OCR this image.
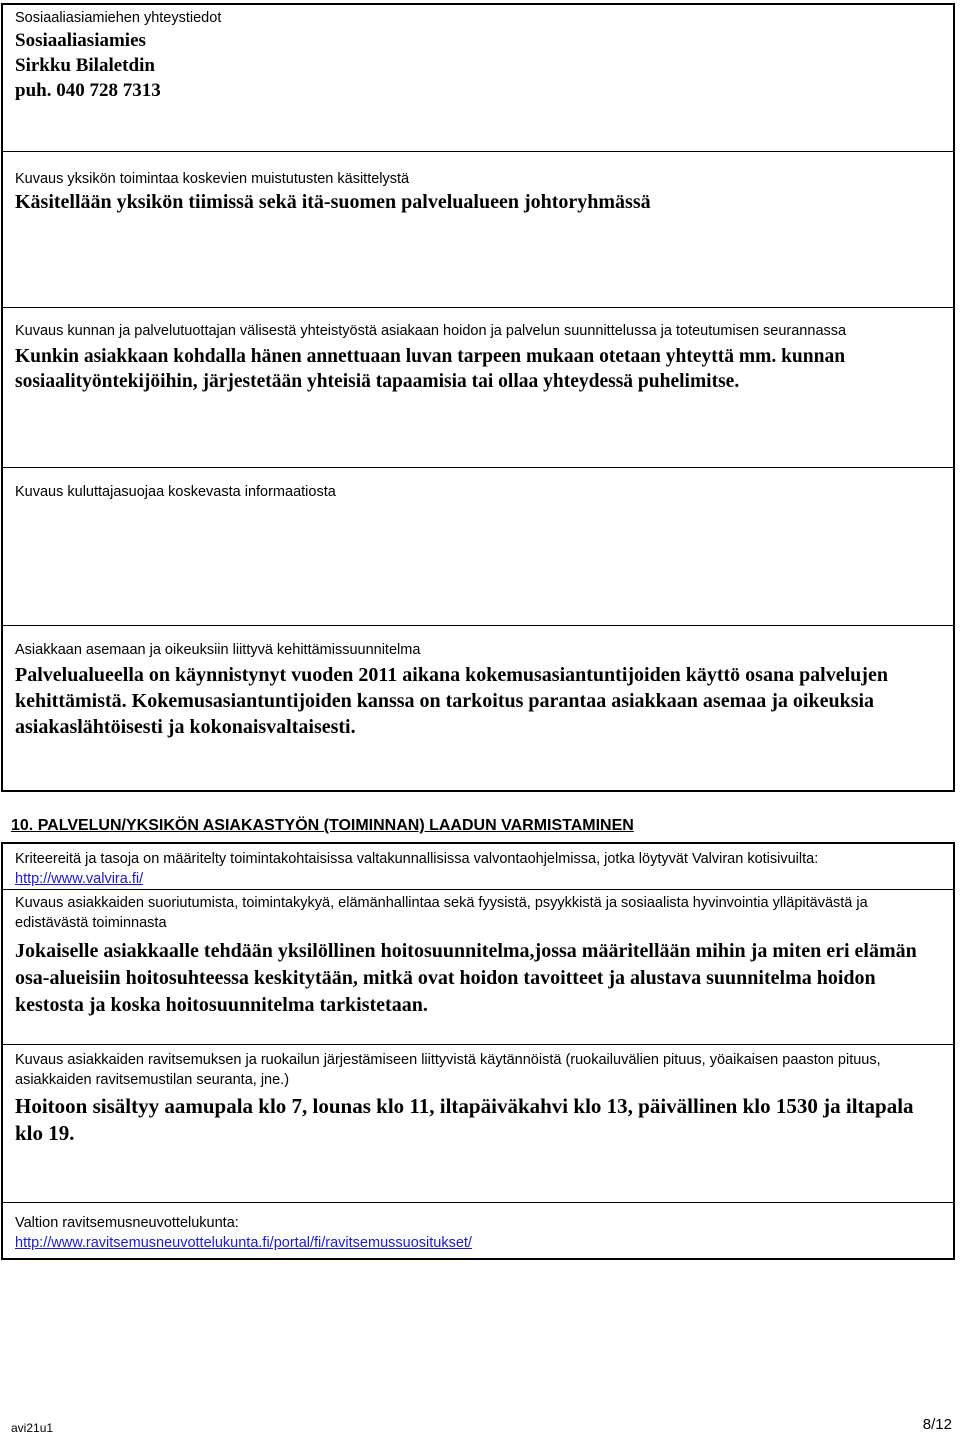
Sosiaaliasiamiehen yhteystiedot
Sosiaaliasiamies
Sirkku Bilaletdin
puh. 040 728 7313
Kuvaus yksikön toimintaa koskevien muistutusten käsittelystä
Käsitellään yksikön tiimissä sekä itä-suomen palvelualueen johtoryhmässä
Kuvaus kunnan ja palvelutuottajan välisestä yhteistyöstä asiakaan hoidon ja palvelun suunnittelussa ja toteutumisen seurannassa
Kunkin asiakkaan kohdalla hänen annettuaan luvan tarpeen mukaan otetaan yhteyttä mm. kunnan sosiaalityöntekijöihin, järjestetään yhteisiä tapaamisia tai ollaa yhteydessä puhelimitse.
Kuvaus kuluttajasuojaa koskevasta informaatiosta
Asiakkaan asemaan ja oikeuksiin liittyvä kehittämissuunnitelma
Palvelualueella on käynnistynyt vuoden 2011 aikana kokemusasiantuntijoiden käyttö osana palvelujen kehittämistä. Kokemusasiantuntijoiden kanssa on tarkoitus parantaa asiakkaan asemaa ja oikeuksia asiakaslähtöisesti ja kokonaisvaltaisesti.
10. PALVELUN/YKSIKÖN ASIAKASTYÖN (TOIMINNAN) LAADUN VARMISTAMINEN
Kriteereitä ja tasoja on määritelty toimintakohtaisissa valtakunnallisissa valvontaohjelmissa, jotka löytyvät Valviran kotisivuilta:
http://www.valvira.fi/
Kuvaus asiakkaiden suoriutumista, toimintakykyä, elämänhallintaa sekä fyysistä, psyykkistä ja sosiaalista hyvinvointia ylläpitävästä ja edistävästä toiminnasta
Jokaiselle asiakkaalle tehdään yksilöllinen hoitosuunnitelma,jossa määritellään mihin ja miten eri elämän osa-alueisiin hoitosuhteessa keskitytään, mitkä ovat hoidon tavoitteet ja alustava suunnitelma hoidon kestosta ja koska hoitosuunnitelma tarkistetaan.
Kuvaus asiakkaiden ravitsemuksen ja ruokailun järjestämiseen liittyvistä käytännöistä (ruokailuvälien pituus, yöaikaisen paaston pituus, asiakkaiden ravitsemustilan seuranta, jne.)
Hoitoon sisältyy aamupala klo 7, lounas klo 11, iltapäiväkahvi klo 13, päivällinen klo 1530 ja iltapala klo 19.
Valtion ravitsemusneuvottelukunta:
http://www.ravitsemusneuvottelukunta.fi/portal/fi/ravitsemussuositukset/
avi21u1	8/12
